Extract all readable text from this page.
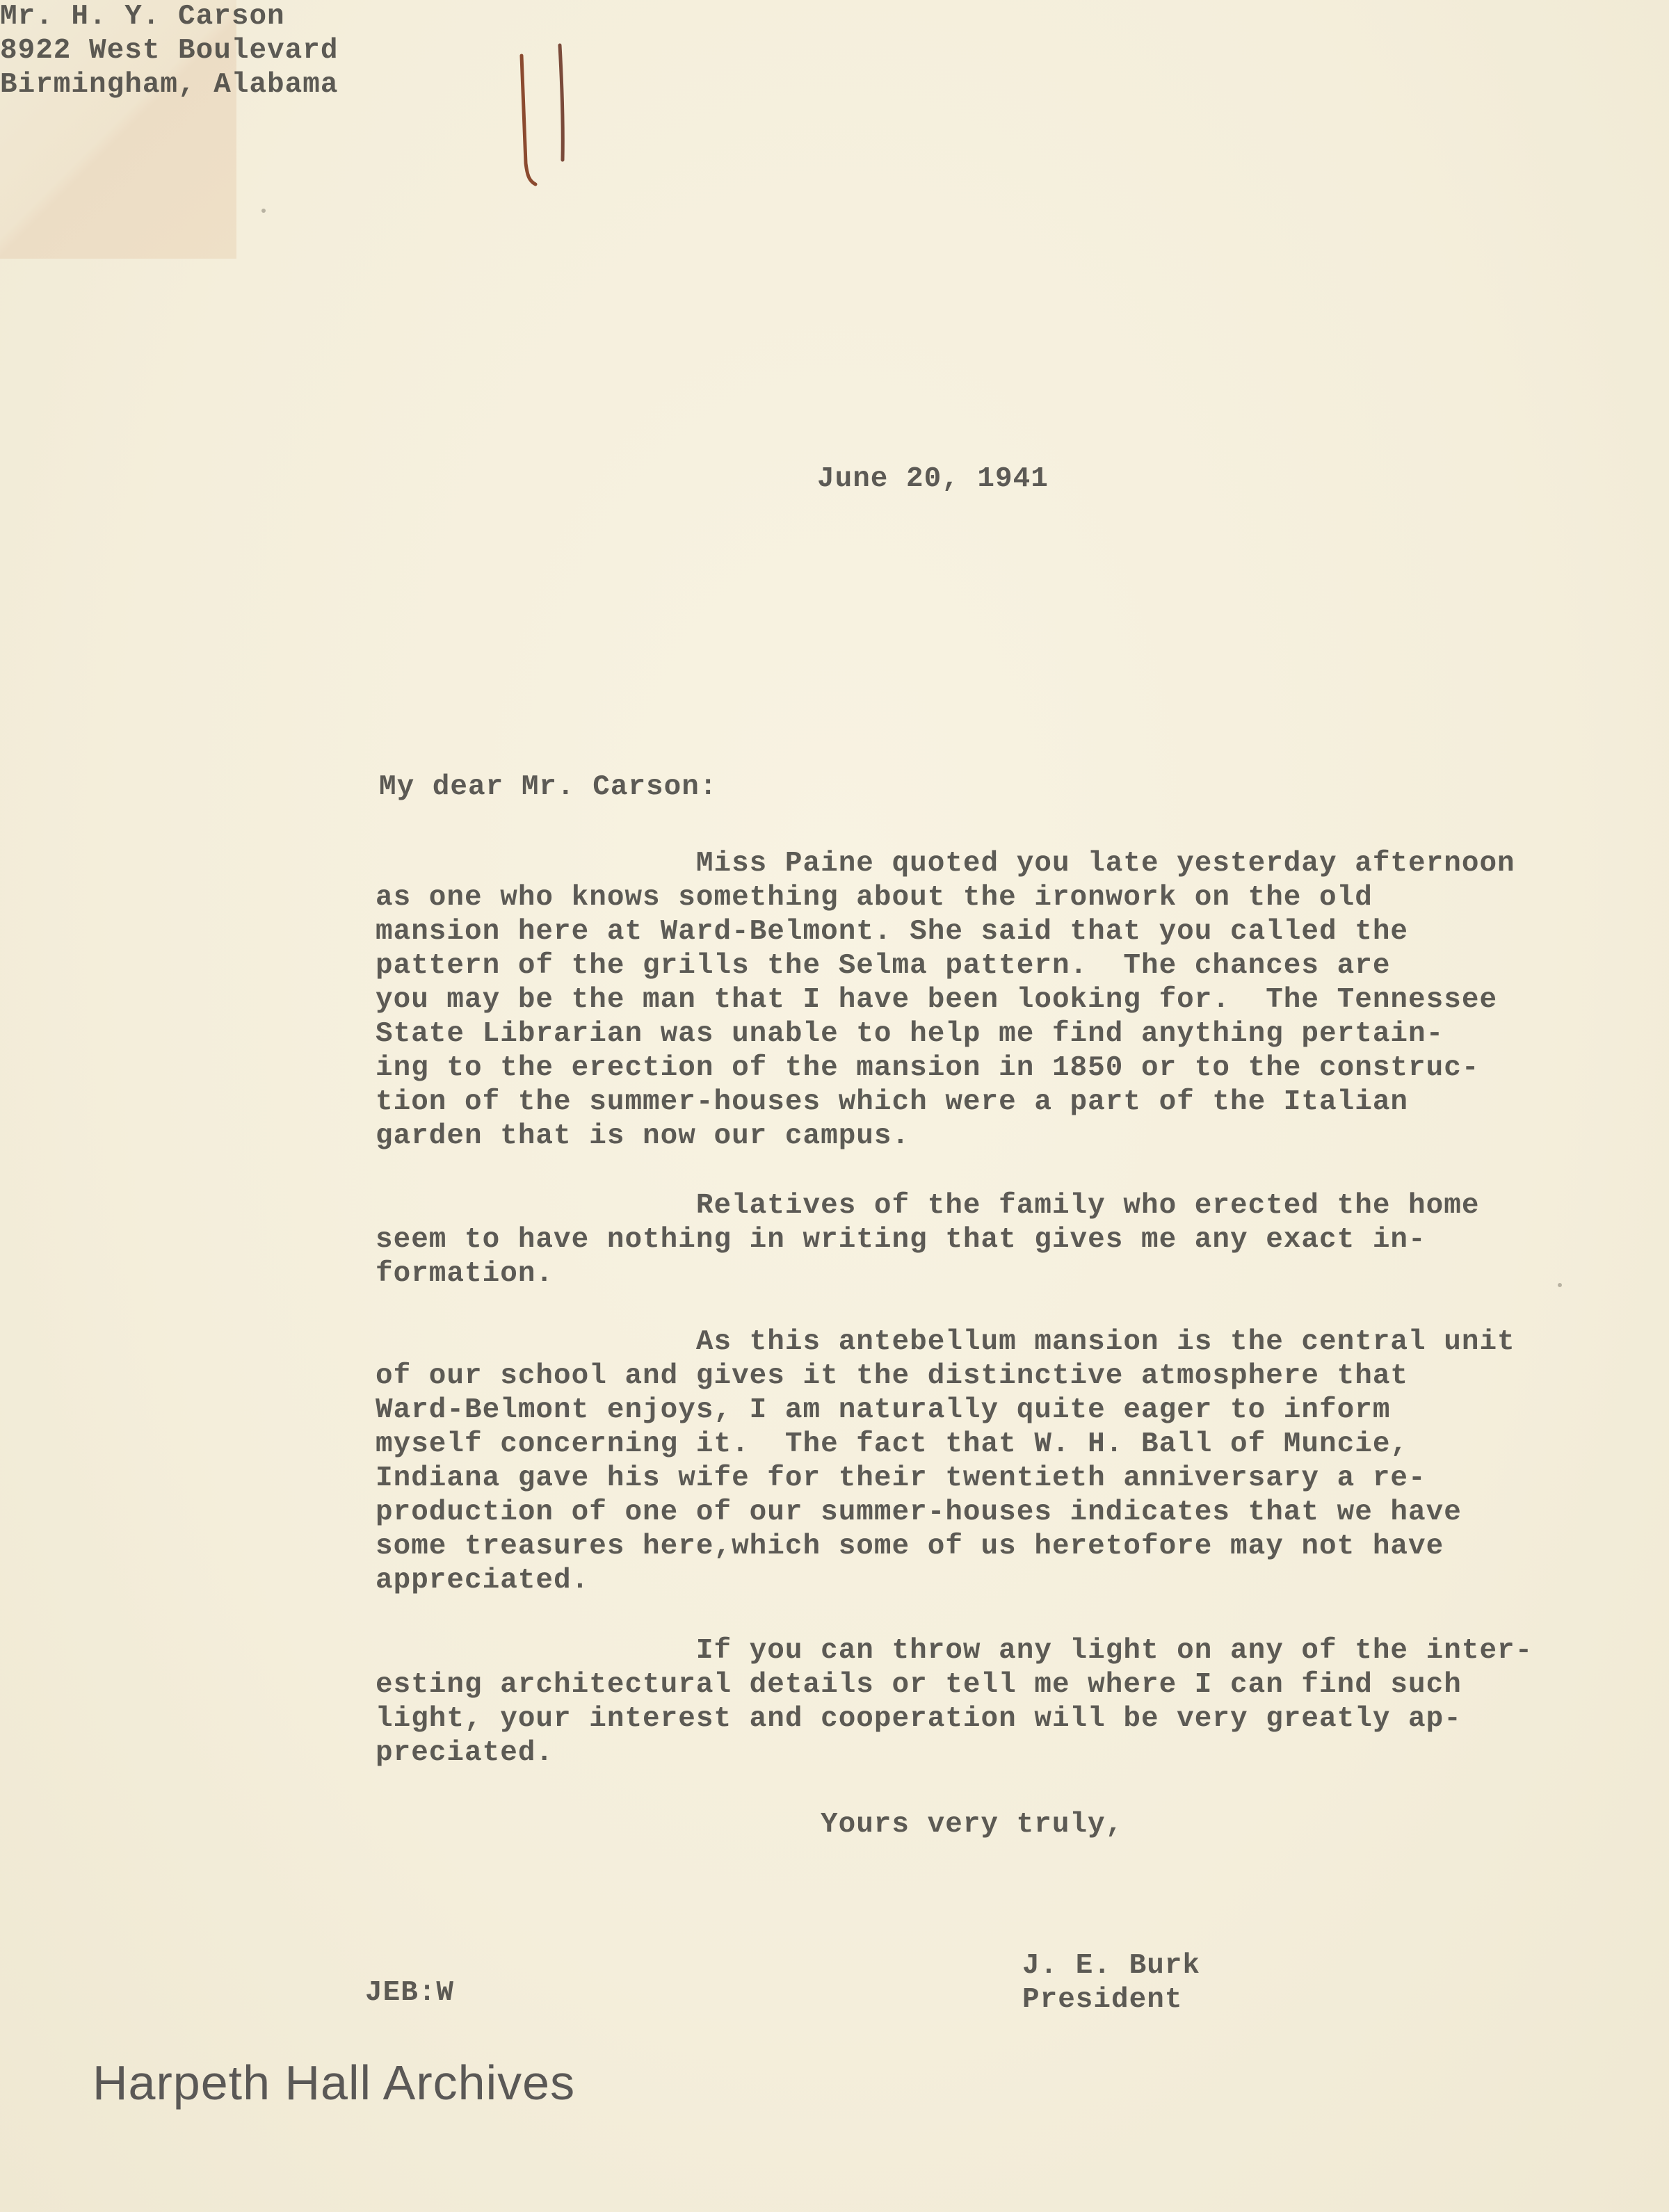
June 20, 1941
Mr. H. Y. Carson
8922 West Boulevard
Birmingham, Alabama
My dear Mr. Carson:
Miss Paine quoted you late yesterday afternoon
as one who knows something about the ironwork on the old
mansion here at Ward-Belmont. She said that you called the
pattern of the grills the Selma pattern.  The chances are
you may be the man that I have been looking for.  The Tennessee
State Librarian was unable to help me find anything pertain-
ing to the erection of the mansion in 1850 or to the construc-
tion of the summer-houses which were a part of the Italian
garden that is now our campus.
Relatives of the family who erected the home
seem to have nothing in writing that gives me any exact in-
formation.
As this antebellum mansion is the central unit
of our school and gives it the distinctive atmosphere that
Ward-Belmont enjoys, I am naturally quite eager to inform
myself concerning it.  The fact that W. H. Ball of Muncie,
Indiana gave his wife for their twentieth anniversary a re-
production of one of our summer-houses indicates that we have
some treasures here,which some of us heretofore may not have
appreciated.
If you can throw any light on any of the inter-
esting architectural details or tell me where I can find such
light, your interest and cooperation will be very greatly ap-
preciated.
Yours very truly,
JEB:W
J. E. Burk
President
Harpeth Hall Archives
